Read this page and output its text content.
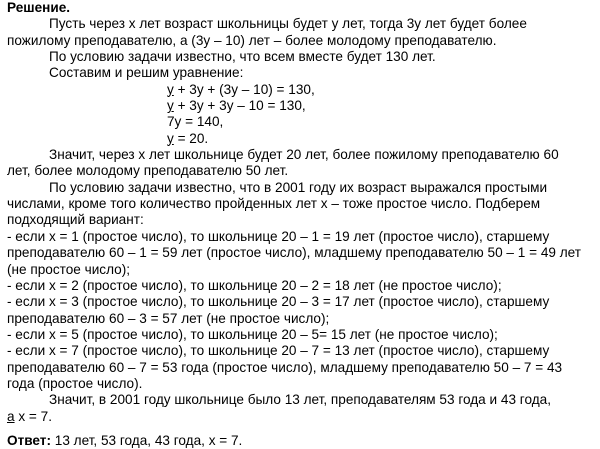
Решение.
Пусть через х лет возраст школьницы будет у лет, тогда 3у лет будет более
пожилому преподавателю, а (3у – 10) лет – более молодому преподавателю.
По условию задачи известно, что всем вместе будет 130 лет.
Составим и решим уравнение:
у + 3у + (3у – 10) = 130,
у + 3у + 3у – 10 = 130,
7у = 140,
у = 20.
Значит, через х лет школьнице будет 20 лет, более пожилому преподавателю 60
лет, более молодому преподавателю 50 лет.
По условию задачи известно, что в 2001 году их возраст выражался простыми
числами, кроме того количество пройденных лет х – тоже простое число. Подберем
подходящий вариант:
- если х = 1 (простое число), то школьнице 20 – 1 = 19 лет (простое число), старшему
преподавателю 60 – 1 = 59 лет (простое число), младшему преподавателю 50 – 1 = 49 лет
(не простое число);
- если х = 2 (простое число), то школьнице 20 – 2 = 18 лет (не простое число);
- если х = 3 (простое число), то школьнице 20 – 3 = 17 лет (простое число), старшему
преподавателю 60 – 3 = 57 лет (не простое число);
- если х = 5 (простое число), то школьнице 20 – 5= 15 лет (не простое число);
- если х = 7 (простое число), то школьнице 20 – 7 = 13 лет (простое число), старшему
преподавателю 60 – 7 = 53 года (простое число), младшему преподавателю 50 – 7 = 43
года (простое число).
Значит, в 2001 году школьнице было 13 лет, преподавателям 53 года и 43 года,
а х = 7.
Ответ: 13 лет, 53 года, 43 года, х = 7.
